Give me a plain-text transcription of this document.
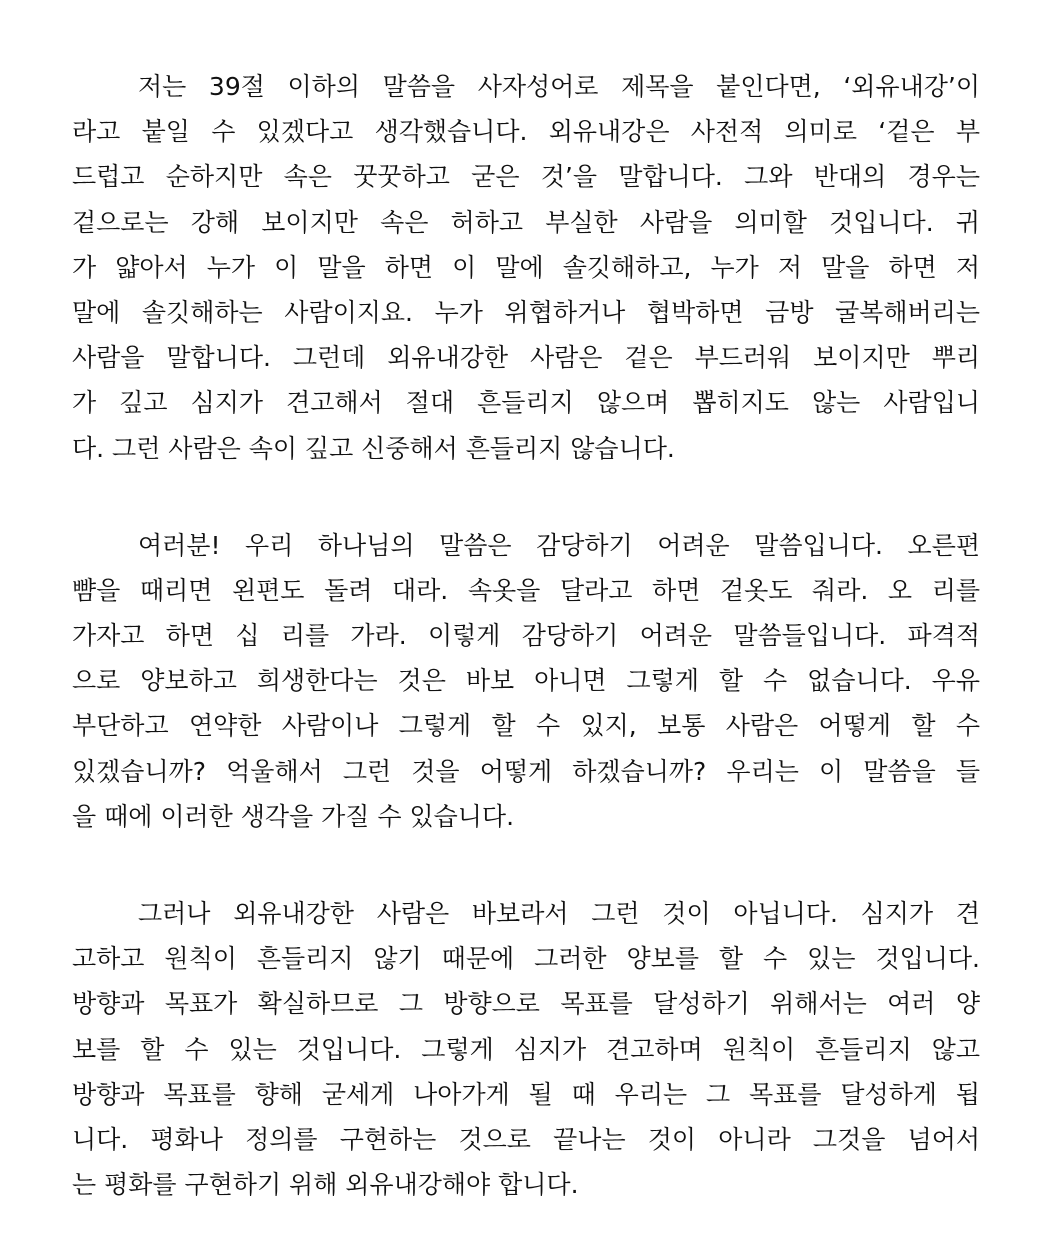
저는 39절 이하의 말씀을 사자성어로 제목을 붙인다면, ‘외유내강’이
라고 붙일 수 있겠다고 생각했습니다. 외유내강은 사전적 의미로 ‘겉은 부
드럽고 순하지만 속은 꿋꿋하고 굳은 것’을 말합니다. 그와 반대의 경우는
겉으로는 강해 보이지만 속은 허하고 부실한 사람을 의미할 것입니다. 귀
가 얇아서 누가 이 말을 하면 이 말에 솔깃해하고, 누가 저 말을 하면 저
말에 솔깃해하는 사람이지요. 누가 위협하거나 협박하면 금방 굴복해버리는
사람을 말합니다. 그런데 외유내강한 사람은 겉은 부드러워 보이지만 뿌리
가 깊고 심지가 견고해서 절대 흔들리지 않으며 뽑히지도 않는 사람입니
다. 그런 사람은 속이 깊고 신중해서 흔들리지 않습니다.
여러분! 우리 하나님의 말씀은 감당하기 어려운 말씀입니다. 오른편
뺨을 때리면 왼편도 돌려 대라. 속옷을 달라고 하면 겉옷도 줘라. 오 리를
가자고 하면 십 리를 가라. 이렇게 감당하기 어려운 말씀들입니다. 파격적
으로 양보하고 희생한다는 것은 바보 아니면 그렇게 할 수 없습니다. 우유
부단하고 연약한 사람이나 그렇게 할 수 있지, 보통 사람은 어떻게 할 수
있겠습니까? 억울해서 그런 것을 어떻게 하겠습니까? 우리는 이 말씀을 들
을 때에 이러한 생각을 가질 수 있습니다.
그러나 외유내강한 사람은 바보라서 그런 것이 아닙니다. 심지가 견
고하고 원칙이 흔들리지 않기 때문에 그러한 양보를 할 수 있는 것입니다.
방향과 목표가 확실하므로 그 방향으로 목표를 달성하기 위해서는 여러 양
보를 할 수 있는 것입니다. 그렇게 심지가 견고하며 원칙이 흔들리지 않고
방향과 목표를 향해 굳세게 나아가게 될 때 우리는 그 목표를 달성하게 됩
니다. 평화나 정의를 구현하는 것으로 끝나는 것이 아니라 그것을 넘어서
는 평화를 구현하기 위해 외유내강해야 합니다.
